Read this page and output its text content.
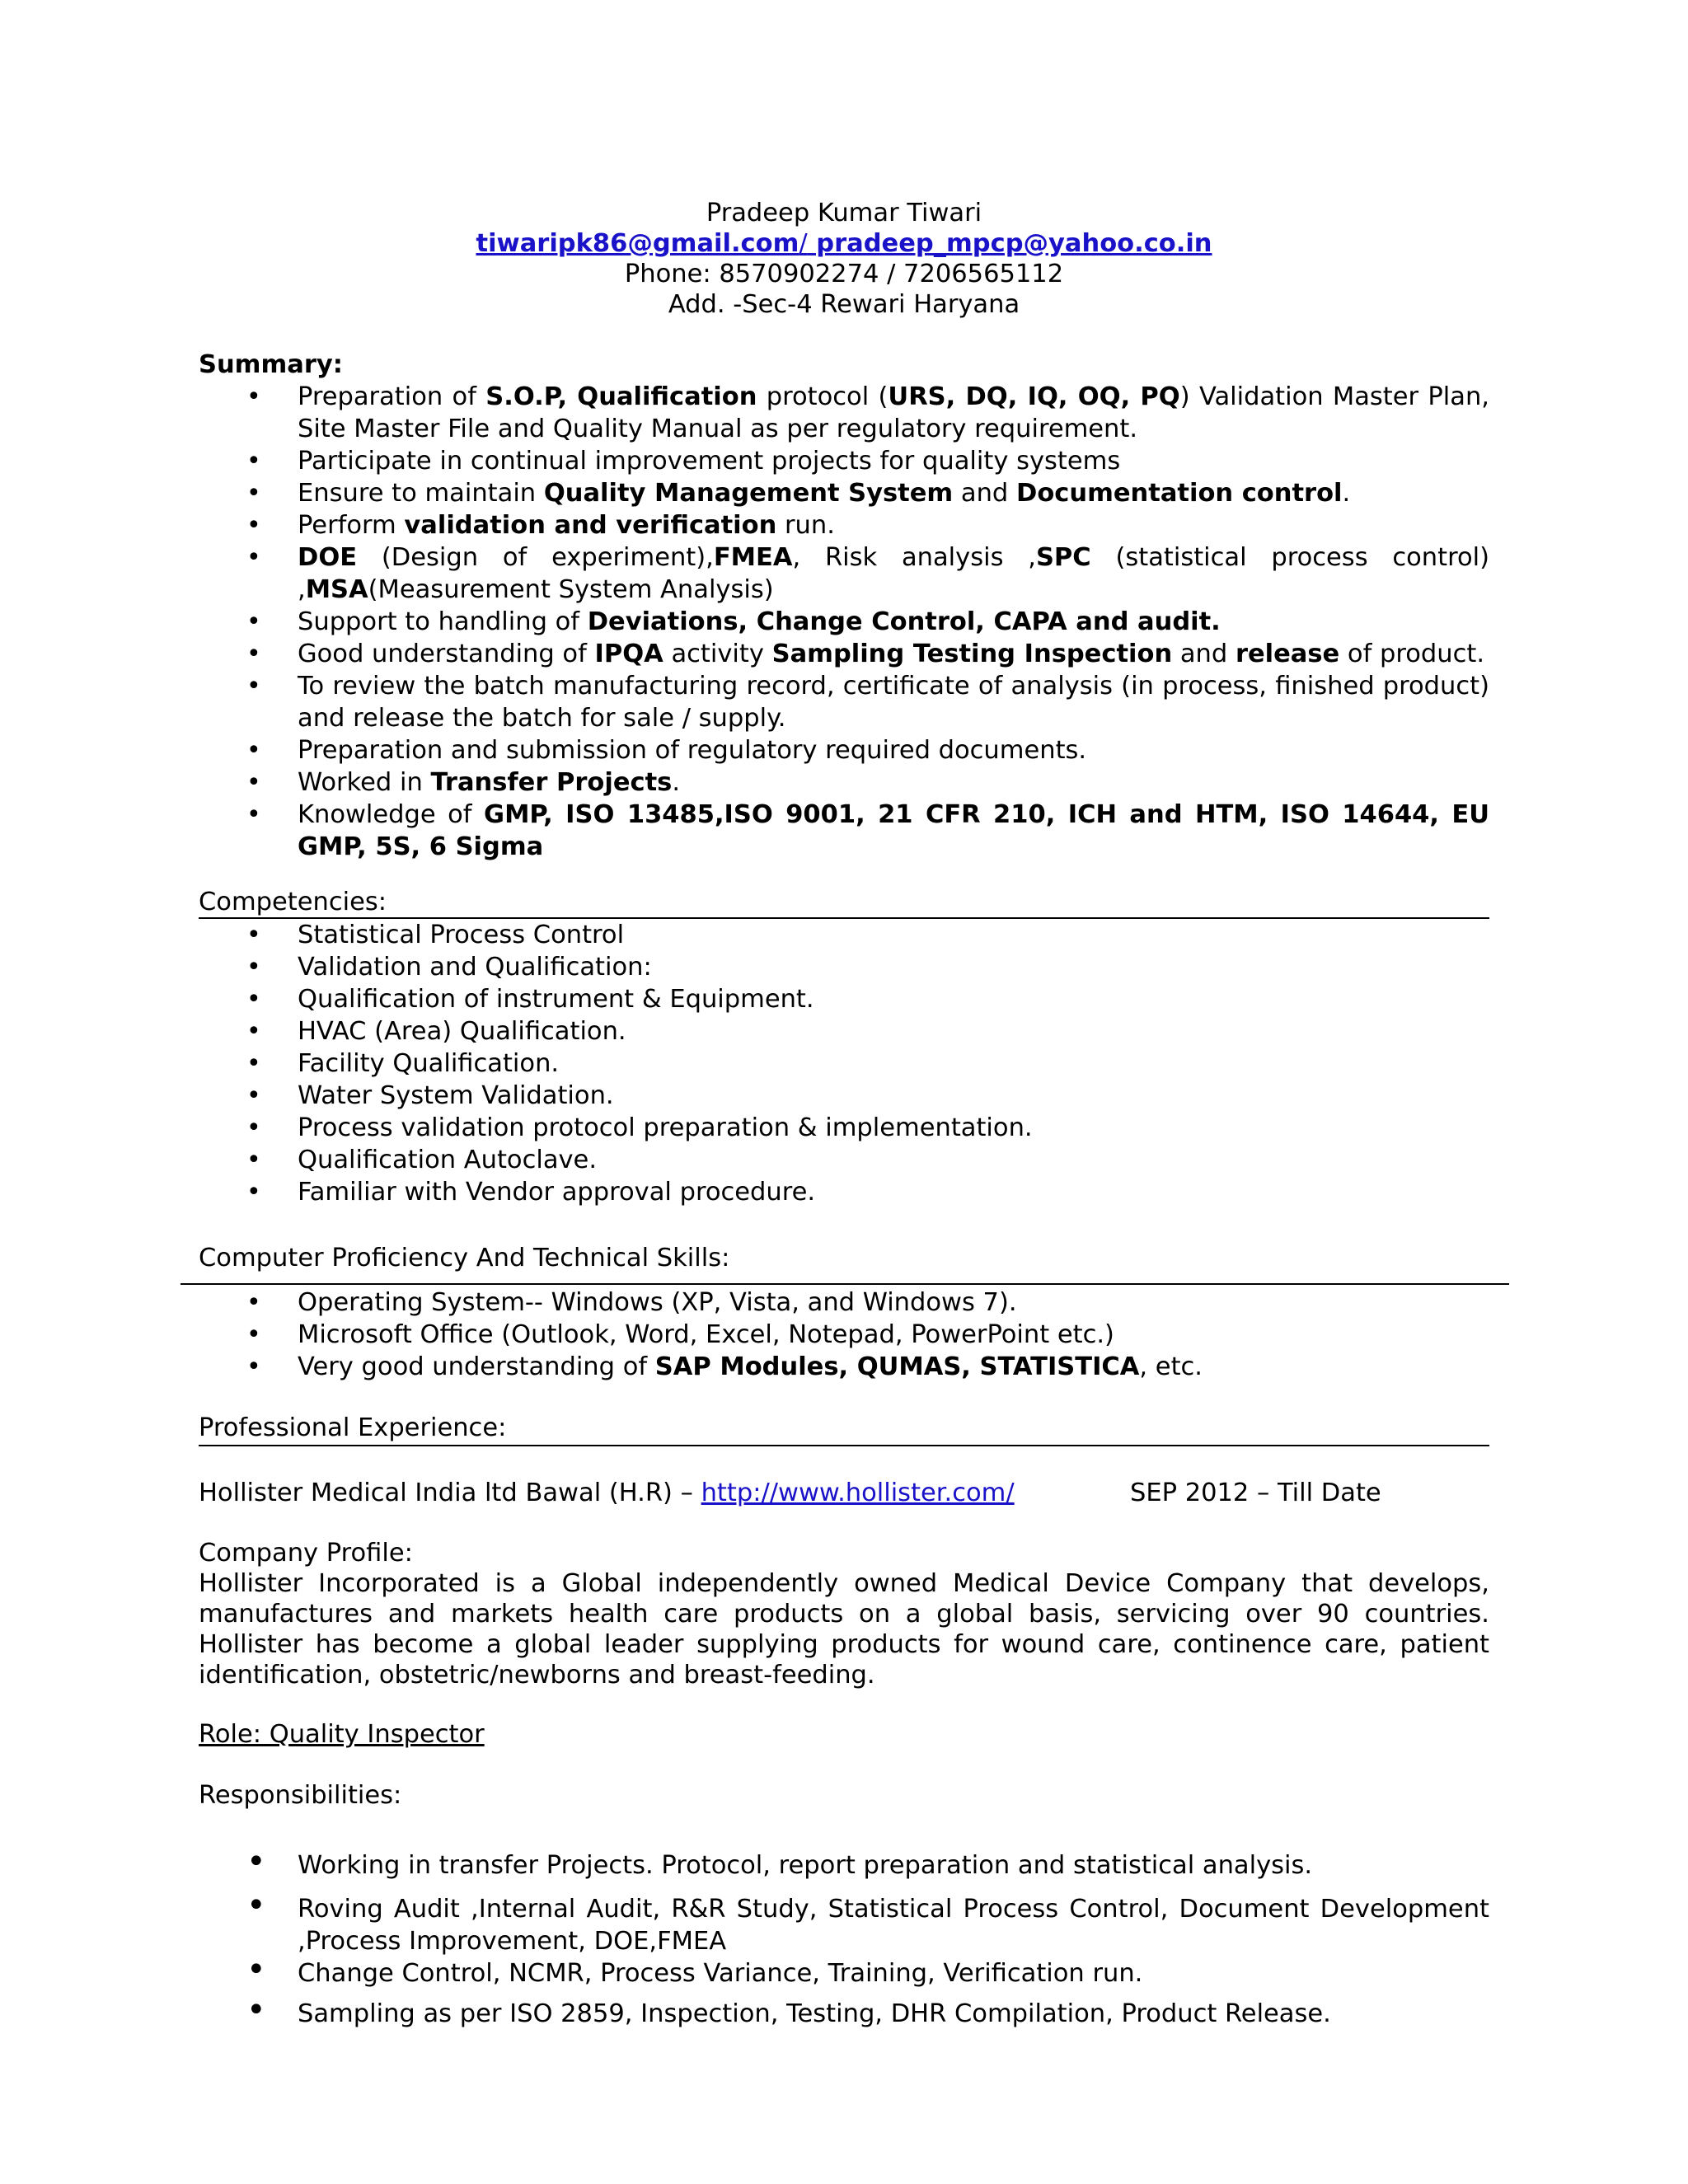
Pradeep Kumar Tiwari
tiwaripk86@gmail.com/ pradeep_mpcp@yahoo.co.in
Phone: 8570902274 / 7206565112
Add. -Sec-4 Rewari Haryana
Summary:
• Preparation of S.O.P, Qualification protocol (URS, DQ, IQ, OQ, PQ) Validation Master Plan, Site Master File and Quality Manual as per regulatory requirement.
• Participate in continual improvement projects for quality systems
• Ensure to maintain Quality Management System and Documentation control.
• Perform validation and verification run.
• DOE (Design of experiment),FMEA, Risk analysis ,SPC (statistical process control) ,MSA(Measurement System Analysis)
• Support to handling of Deviations, Change Control, CAPA and audit.
• Good understanding of IPQA activity Sampling Testing Inspection and release of product.
• To review the batch manufacturing record, certificate of analysis (in process, finished product) and release the batch for sale / supply.
• Preparation and submission of regulatory required documents.
• Worked in Transfer Projects.
• Knowledge of GMP, ISO 13485,ISO 9001, 21 CFR 210, ICH and HTM, ISO 14644, EU GMP, 5S, 6 Sigma
Competencies:
• Statistical Process Control
• Validation and Qualification:
• Qualification of instrument & Equipment.
• HVAC (Area) Qualification.
• Facility Qualification.
• Water System Validation.
• Process validation protocol preparation & implementation.
• Qualification Autoclave.
• Familiar with Vendor approval procedure.
Computer Proficiency And Technical Skills:
• Operating System-- Windows (XP, Vista, and Windows 7).
• Microsoft Office (Outlook, Word, Excel, Notepad, PowerPoint etc.)
• Very good understanding of SAP Modules, QUMAS, STATISTICA, etc.
Professional Experience:
Hollister Medical India ltd Bawal (H.R) – http://www.hollister.com/	SEP 2012 – Till Date
Company Profile:
Hollister Incorporated is a Global independently owned Medical Device Company that develops, manufactures and markets health care products on a global basis, servicing over 90 countries. Hollister has become a global leader supplying products for wound care, continence care, patient identification, obstetric/newborns and breast-feeding.
Role: Quality Inspector
Responsibilities:
• Working in transfer Projects. Protocol, report preparation and statistical analysis.
• Roving Audit ,Internal Audit, R&R Study, Statistical Process Control, Document Development ,Process Improvement, DOE,FMEA
• Change Control, NCMR, Process Variance, Training, Verification run.
• Sampling as per ISO 2859, Inspection, Testing, DHR Compilation, Product Release.
